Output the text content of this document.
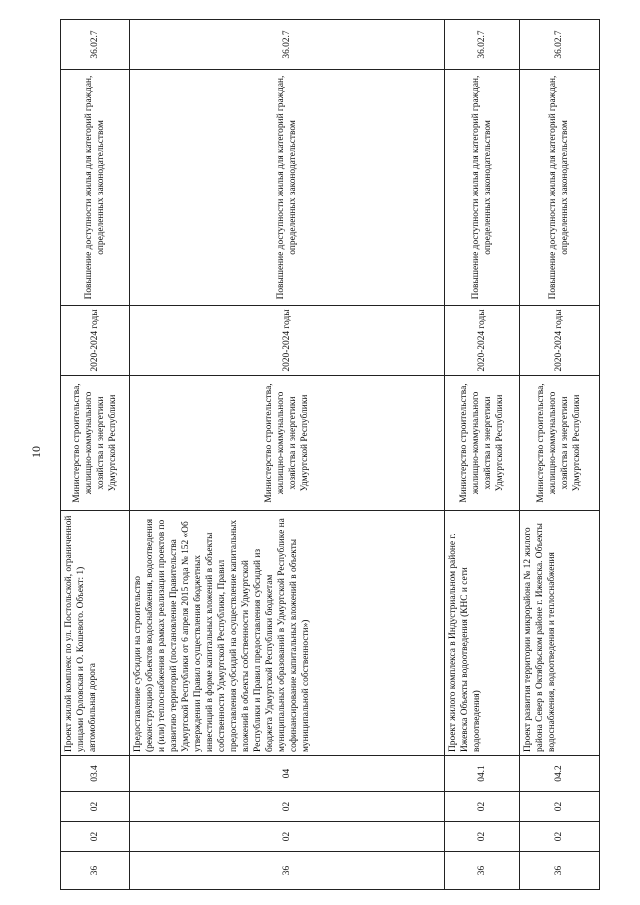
10
36	02	02	03.4	Проект жилой комплекс по ул. Постольской, ограниченной улицами Орловская и О. Кошевого. Объект: 1) автомобильная дорога	Министерство строительства, жилищно-коммунального хозяйства и энергетики Удмуртской Республики	2020-2024 годы	Повышение доступности жилья для категорий граждан, определенных законодательством	36.02.7
36	02	02	04	Предоставление субсидии на строительство (реконструкцию) объектов водоснабжения, водоотведения и (или) теплоснабжения в рамках реализации проектов по развитию территорий (постановление Правительства Удмуртской Республики от 6 апреля 2015 года № 152 «Об утверждении Правил осуществления бюджетных инвестиций в форме капитальных вложений в объекты собственности Удмуртской Республики, Правил предоставления субсидий на осуществление капитальных вложений в объекты собственности Удмуртской Республики и Правил предоставления субсидий из бюджета Удмуртской Республики бюджетам муниципальных образований в Удмуртской Республике на софинансирование капитальных вложений в объекты муниципальной собственности»)	Министерство строительства, жилищно-коммунального хозяйства и энергетики Удмуртской Республики	2020-2024 годы	Повышение доступности жилья для категорий граждан, определенных законодательством	36.02.7
36	02	02	04.1	Проект жилого комплекса в Индустриальном районе г. Ижевска Объекты водоотведения (КНС и сети водоотведения)	Министерство строительства, жилищно-коммунального хозяйства и энергетики Удмуртской Республики	2020-2024 годы	Повышение доступности жилья для категорий граждан, определенных законодательством	36.02.7
36	02	02	04.2	Проект развития территории микрорайона № 12 жилого района Север в Октябрьском районе г. Ижевска. Объекты водоснабжения, водоотведения и теплоснабжения	Министерство строительства, жилищно-коммунального хозяйства и энергетики Удмуртской Республики	2020-2024 годы	Повышение доступности жилья для категорий граждан, определенных законодательством	36.02.7
